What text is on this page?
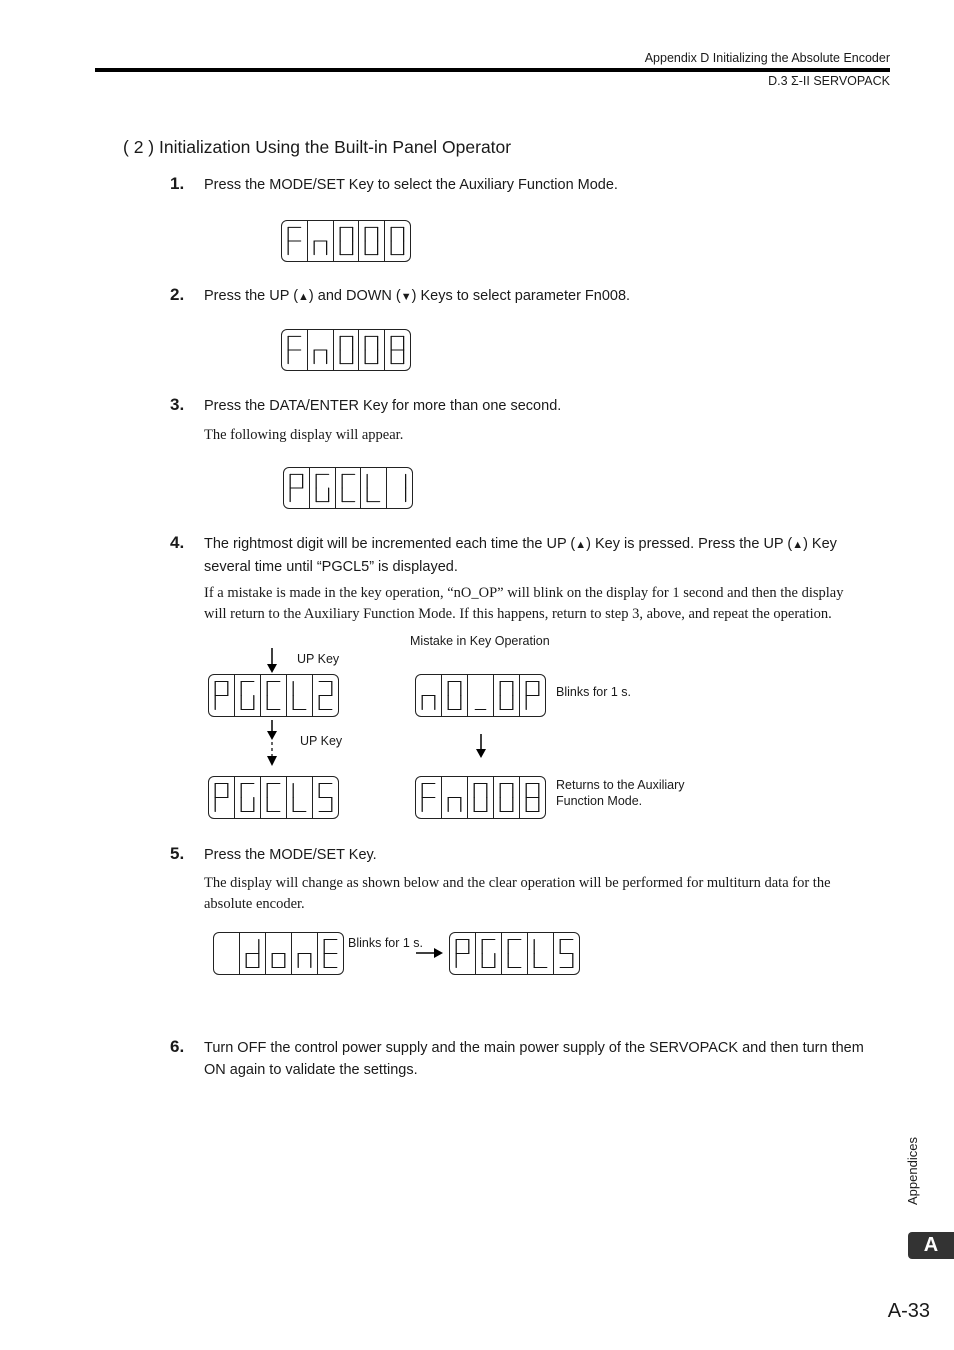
Appendix D Initializing the Absolute Encoder
D.3 Σ-II SERVOPACK
( 2 ) Initialization Using the Built-in Panel Operator
1. Press the MODE/SET Key to select the Auxiliary Function Mode.
2. Press the UP (▲) and DOWN (▼) Keys to select parameter Fn008.
3. Press the DATA/ENTER Key for more than one second.
The following display will appear.
4. The rightmost digit will be incremented each time the UP (▲) Key is pressed. Press the UP (▲) Key
several time until “PGCL5” is displayed.
If a mistake is made in the key operation, “nO_OP” will blink on the display for 1 second and then the display
will return to the Auxiliary Function Mode. If this happens, return to step 3, above, and repeat the operation.
Mistake in Key Operation
UP Key
UP Key
Blinks for 1 s.
Returns to the Auxiliary
Function Mode.
5. Press the MODE/SET Key.
The display will change as shown below and the clear operation will be performed for multiturn data for the
absolute encoder.
Blinks for 1 s.
6. Turn OFF the control power supply and the main power supply of the SERVOPACK and then turn them
ON again to validate the settings.
Appendices
A
A-33
